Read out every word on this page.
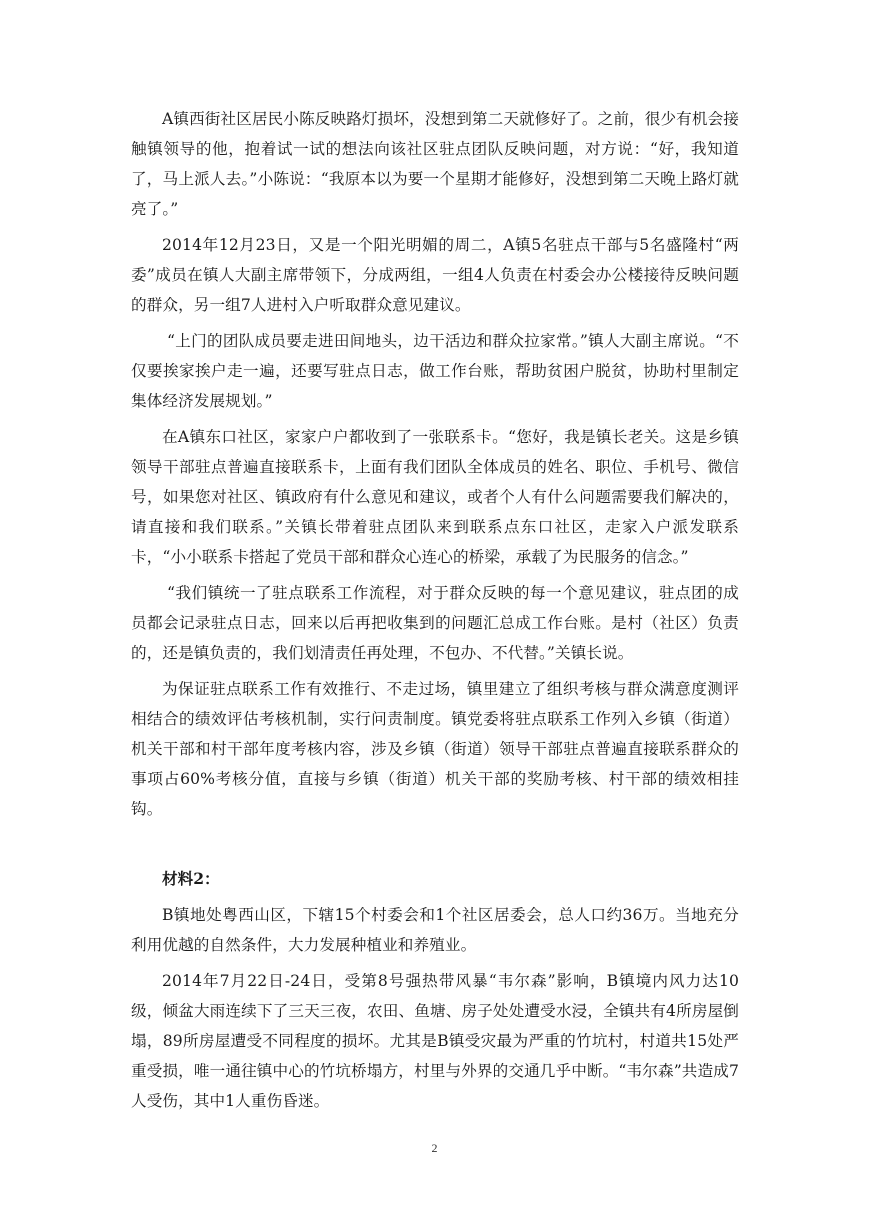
A镇西街社区居民小陈反映路灯损坏，没想到第二天就修好了。之前，很少有机会接触镇领导的他，抱着试一试的想法向该社区驻点团队反映问题，对方说：“好，我知道了，马上派人去。”小陈说：“我原本以为要一个星期才能修好，没想到第二天晚上路灯就亮了。”

2014年12月23日，又是一个阳光明媚的周二，A镇5名驻点干部与5名盛隆村“两委”成员在镇人大副主席带领下，分成两组，一组4人负责在村委会办公楼接待反映问题的群众，另一组7人进村入户听取群众意见建议。

“上门的团队成员要走进田间地头，边干活边和群众拉家常。”镇人大副主席说。“不仅要挨家挨户走一遍，还要写驻点日志，做工作台账，帮助贫困户脱贫，协助村里制定集体经济发展规划。”

在A镇东口社区，家家户户都收到了一张联系卡。“您好，我是镇长老关。这是乡镇领导干部驻点普遍直接联系卡，上面有我们团队全体成员的姓名、职位、手机号、微信号，如果您对社区、镇政府有什么意见和建议，或者个人有什么问题需要我们解决的，请直接和我们联系。”关镇长带着驻点团队来到联系点东口社区，走家入户派发联系卡，“小小联系卡搭起了党员干部和群众心连心的桥梁，承载了为民服务的信念。”

“我们镇统一了驻点联系工作流程，对于群众反映的每一个意见建议，驻点团的成员都会记录驻点日志，回来以后再把收集到的问题汇总成工作台账。是村（社区）负责的，还是镇负责的，我们划清责任再处理，不包办、不代替。”关镇长说。

为保证驻点联系工作有效推行、不走过场，镇里建立了组织考核与群众满意度测评相结合的绩效评估考核机制，实行问责制度。镇党委将驻点联系工作列入乡镇（街道）机关干部和村干部年度考核内容，涉及乡镇（街道）领导干部驻点普遍直接联系群众的事项占60%考核分值，直接与乡镇（街道）机关干部的奖励考核、村干部的绩效相挂钩。

材料2：

B镇地处粤西山区，下辖15个村委会和1个社区居委会，总人口约36万。当地充分利用优越的自然条件，大力发展种植业和养殖业。

2014年7月22日-24日，受第8号强热带风暴“韦尔森”影响，B镇境内风力达10级，倾盆大雨连续下了三天三夜，农田、鱼塘、房子处处遭受水浸，全镇共有4所房屋倒塌，89所房屋遭受不同程度的损坏。尤其是B镇受灾最为严重的竹坑村，村道共15处严重受损，唯一通往镇中心的竹坑桥塌方，村里与外界的交通几乎中断。“韦尔森”共造成7人受伤，其中1人重伤昏迷。

2
